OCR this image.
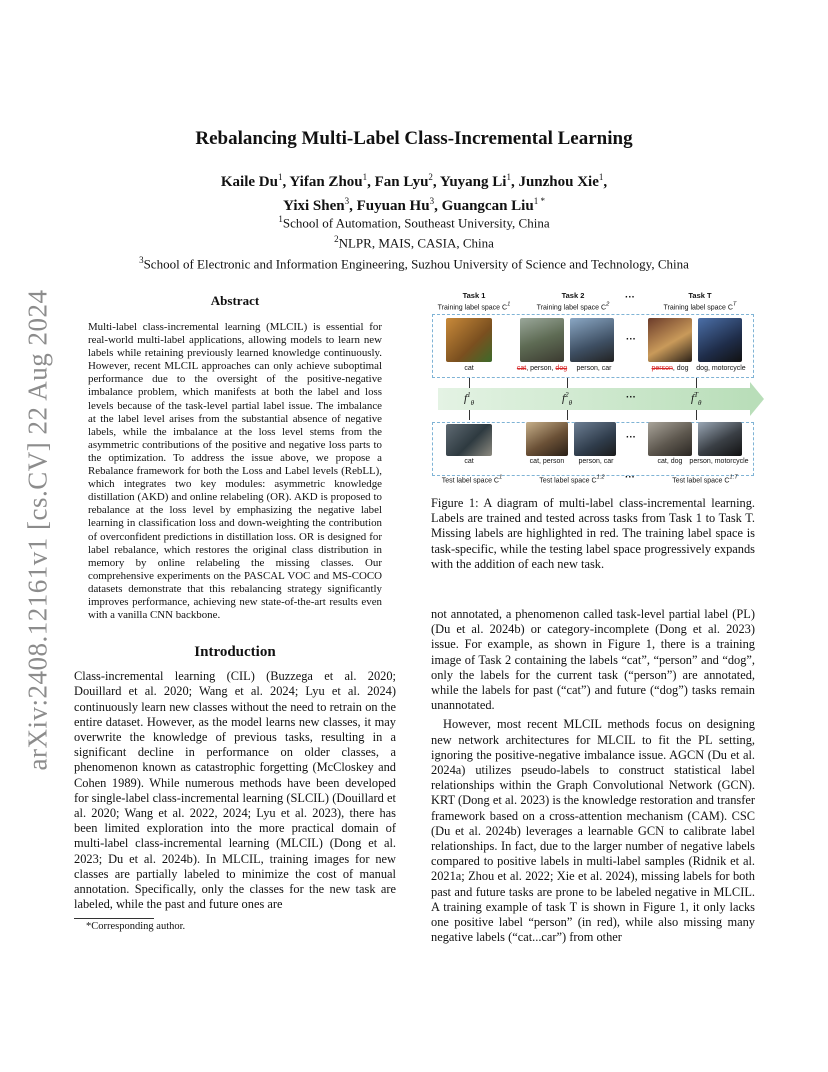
arXiv:2408.12161v1 [cs.CV] 22 Aug 2024
Rebalancing Multi-Label Class-Incremental Learning
Kaile Du$^1$, Yifan Zhou$^1$, Fan Lyu$^2$, Yuyang Li$^1$, Junzhou Xie$^1$,
Yixi Shen$^3$, Fuyuan Hu$^3$, Guangcan Liu$^{1 *}$
$^1$School of Automation, Southeast University, China
$^2$NLPR, MAIS, CASIA, China
$^3$School of Electronic and Information Engineering, Suzhou University of Science and Technology, China
Abstract

Multi-label class-incremental learning (MLCIL) is essential for real-world multi-label applications, allowing models to learn new labels while retaining previously learned knowledge continuously. However, recent MLCIL approaches can only achieve suboptimal performance due to the oversight of the positive-negative imbalance problem, which manifests at both the label and loss levels because of the task-level partial label issue. The imbalance at the label level arises from the substantial absence of negative labels, while the imbalance at the loss level stems from the asymmetric contributions of the positive and negative loss parts to the optimization. To address the issue above, we propose a Rebalance framework for both the Loss and Label levels (RebLL), which integrates two key modules: asymmetric knowledge distillation (AKD) and online relabeling (OR). AKD is proposed to rebalance at the loss level by emphasizing the negative label learning in classification loss and down-weighting the contribution of overconfident predictions in distillation loss. OR is designed for label rebalance, which restores the original class distribution in memory by online relabeling the missing classes. Our comprehensive experiments on the PASCAL VOC and MS-COCO datasets demonstrate that this rebalancing strategy significantly improves performance, achieving new state-of-the-art results even with a vanilla CNN backbone.

Introduction

Class-incremental learning (CIL) (Buzzega et al. 2020; Douillard et al. 2020; Wang et al. 2024; Lyu et al. 2024) continuously learn new classes without the need to retrain on the entire dataset. However, as the model learns new classes, it may overwrite the knowledge of previous tasks, resulting in a significant decline in performance on older classes, a phenomenon known as catastrophic forgetting (McCloskey and Cohen 1989). While numerous methods have been developed for single-label class-incremental learning (SLCIL) (Douillard et al. 2020; Wang et al. 2022, 2024; Lyu et al. 2023), there has been limited exploration into the more practical domain of multi-label class-incremental learning (MLCIL) (Dong et al. 2023; Du et al. 2024b). In MLCIL, training images for new classes are partially labeled to minimize the cost of manual annotation. Specifically, only the classes for the new task are labeled, while the past and future ones are

*Corresponding author.
Task 1
Training label space $C^1$
Task 2
Training label space $C^2$
···	Task T
Training label space $C^T$
···
cat	cat, person, dog	person, car	person, dog	dog, motorcycle
$f^1_\theta$	$f^2_\theta$	···	$f^T_\theta$
···
cat	cat, person	person, car	cat, dog person, motorcycle
Test label space $C^1$	Test label space $C^{1:2}$	···	Test label space $C^{1:T}$
Figure 1: A diagram of multi-label class-incremental learning. Labels are trained and tested across tasks from Task 1 to Task T. Missing labels are highlighted in red. The training label space is task-specific, while the testing label space progressively expands with the addition of each new task.

not annotated, a phenomenon called task-level partial label (PL) (Du et al. 2024b) or category-incomplete (Dong et al. 2023) issue. For example, as shown in Figure 1, there is a training image of Task 2 containing the labels “cat”, “person” and “dog”, only the labels for the current task (“person”) are annotated, while the labels for past (“cat”) and future (“dog”) tasks remain unannotated.

However, most recent MLCIL methods focus on designing new network architectures for MLCIL to fit the PL setting, ignoring the positive-negative imbalance issue. AGCN (Du et al. 2024a) utilizes pseudo-labels to construct statistical label relationships within the Graph Convolutional Network (GCN). KRT (Dong et al. 2023) is the knowledge restoration and transfer framework based on a cross-attention mechanism (CAM). CSC (Du et al. 2024b) leverages a learnable GCN to calibrate label relationships. In fact, due to the larger number of negative labels compared to positive labels in multi-label samples (Ridnik et al. 2021a; Zhou et al. 2022; Xie et al. 2024), missing labels for both past and future tasks are prone to be labeled negative in MLCIL. A training example of task T is shown in Figure 1, it only lacks one positive label “person” (in red), while also missing many negative labels (“cat...car”) from other
